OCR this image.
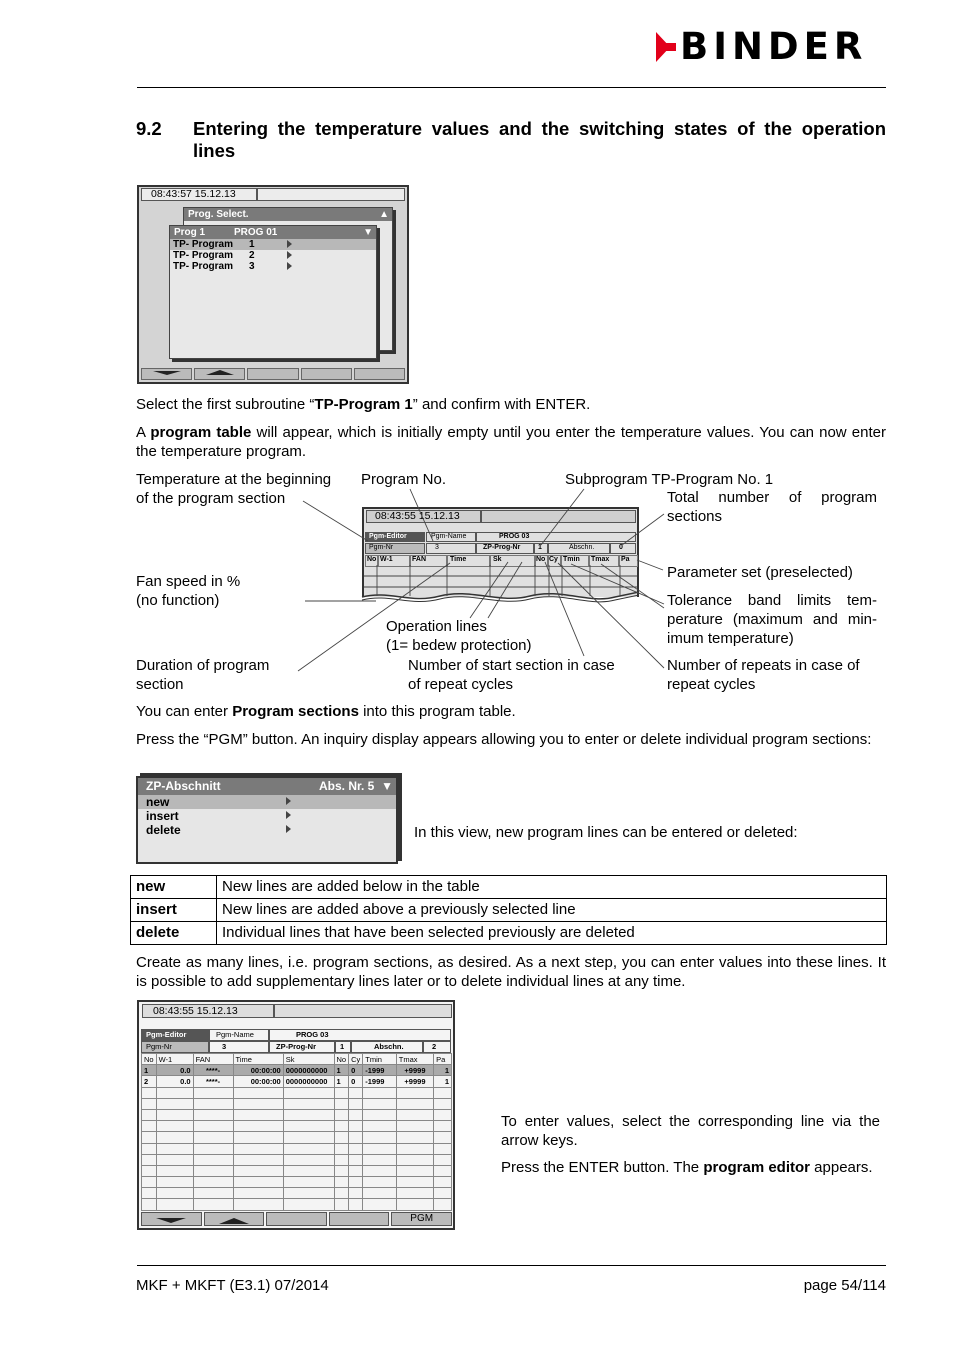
BINDER
9.2 Entering the temperature values and the switching states of the operation lines
08:43:57 15.12.13
Prog. Select.	▲
Prog 1	PROG 01	▼
TP- Program 1
TP- Program 2
TP- Program 3

Select the first subroutine “TP-Program 1” and confirm with ENTER.

A program table will appear, which is initially empty until you enter the temperature values. You can now enter the temperature program.

Temperature at the beginning
of the program section
Program No.	Subprogram TP-Program No. 1
Total number of program
sections
Fan speed in %
(no function)
Parameter set (preselected)
Tolerance band limits tem-
perature (maximum and min-
imum temperature)
Operation lines
(1= bedew protection)
Duration of program
section
Number of start section in case
of repeat cycles
Number of repeats in case of
repeat cycles
08:43:55 15.12.13
Pgm-Editor	Pgm-Name	PROG 03
Pgm-Nr	3	ZP-Prog-Nr	1	Abschn.	0
No W-1	FAN	Time	Sk	No Cy Tmin	Tmax	Pa

You can enter Program sections into this program table.

Press the “PGM” button. An inquiry display appears allowing you to enter or delete individual program sections:

ZP-Abschnitt	Abs. Nr. 5 ▼
new
insert
delete	In this view, new program lines can be entered or deleted:

new	New lines are added below in the table
insert	New lines are added above a previously selected line
delete	Individual lines that have been selected previously are deleted

Create as many lines, i.e. program sections, as desired. As a next step, you can enter values into these lines. It is possible to add supplementary lines later or to delete individual lines at any time.

08:43:55 15.12.13
Pgm-Editor	Pgm-Name	PROG 03
Pgm-Nr	3	ZP-Prog-Nr	1	Abschn.	2
No	W-1	FAN	Time	Sk	No	Cy	Tmin	Tmax	Pa
1	0.0	****-	00:00:00	0000000000	1	0	-1999	+9999	1
2	0.0	****-	00:00:00	0000000000	1	0	-1999	+9999	1

PGM

To enter values, select the corresponding line via the arrow keys.

Press the ENTER button. The program editor appears.

MKF + MKFT (E3.1) 07/2014	page 54/114
